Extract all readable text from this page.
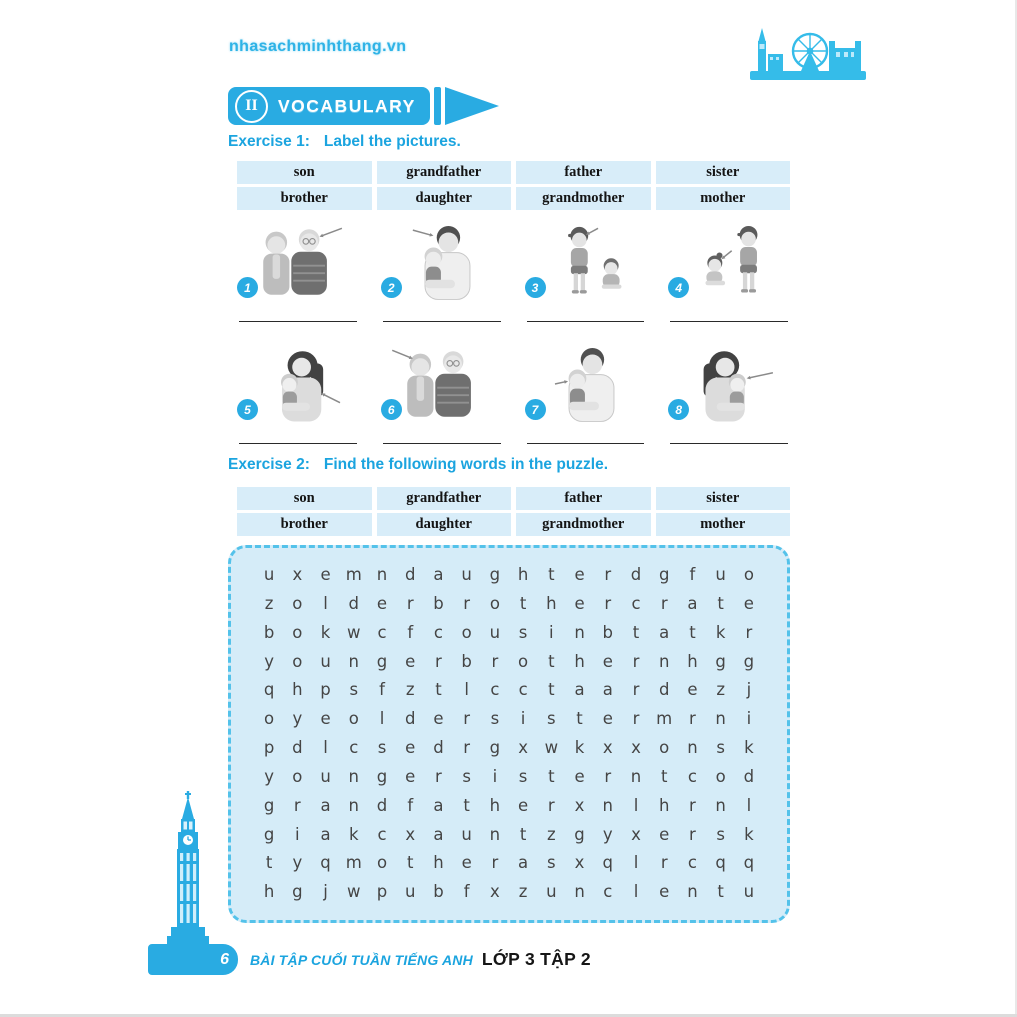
nhasachminhthang.vn
II VOCABULARY
Exercise 1: Label the pictures.
son	grandfather	father	sister
brother	daughter	grandmother	mother
1	2	3	4
5	6	7	8
Exercise 2: Find the following words in the puzzle.
son	grandfather	father	sister
brother	daughter	grandmother	mother
u x e m n d a u g h t e r d g f u o
z o l d e r b r o t h e r c r a t e
b o k w c f c o u s i n b t a t k r
y o u n g e r b r o t h e r n h g g
q h p s f z t l c c t a a r d e z j
o y e o l d e r s i s t e r m r n i
p d l c s e d r g x w k x x o n s k
y o u n g e r s i s t e r n t c o d
g r a n d f a t h e r x n l h r n l
g i a k c x a u n t z g y x e r s k
t y q m o t h e r a s x q l r c q q
h g j w p u b f x z u n c l e n t u
6 BÀI TẬP CUỐI TUẦN TIẾNG ANH LỚP 3 TẬP 2
